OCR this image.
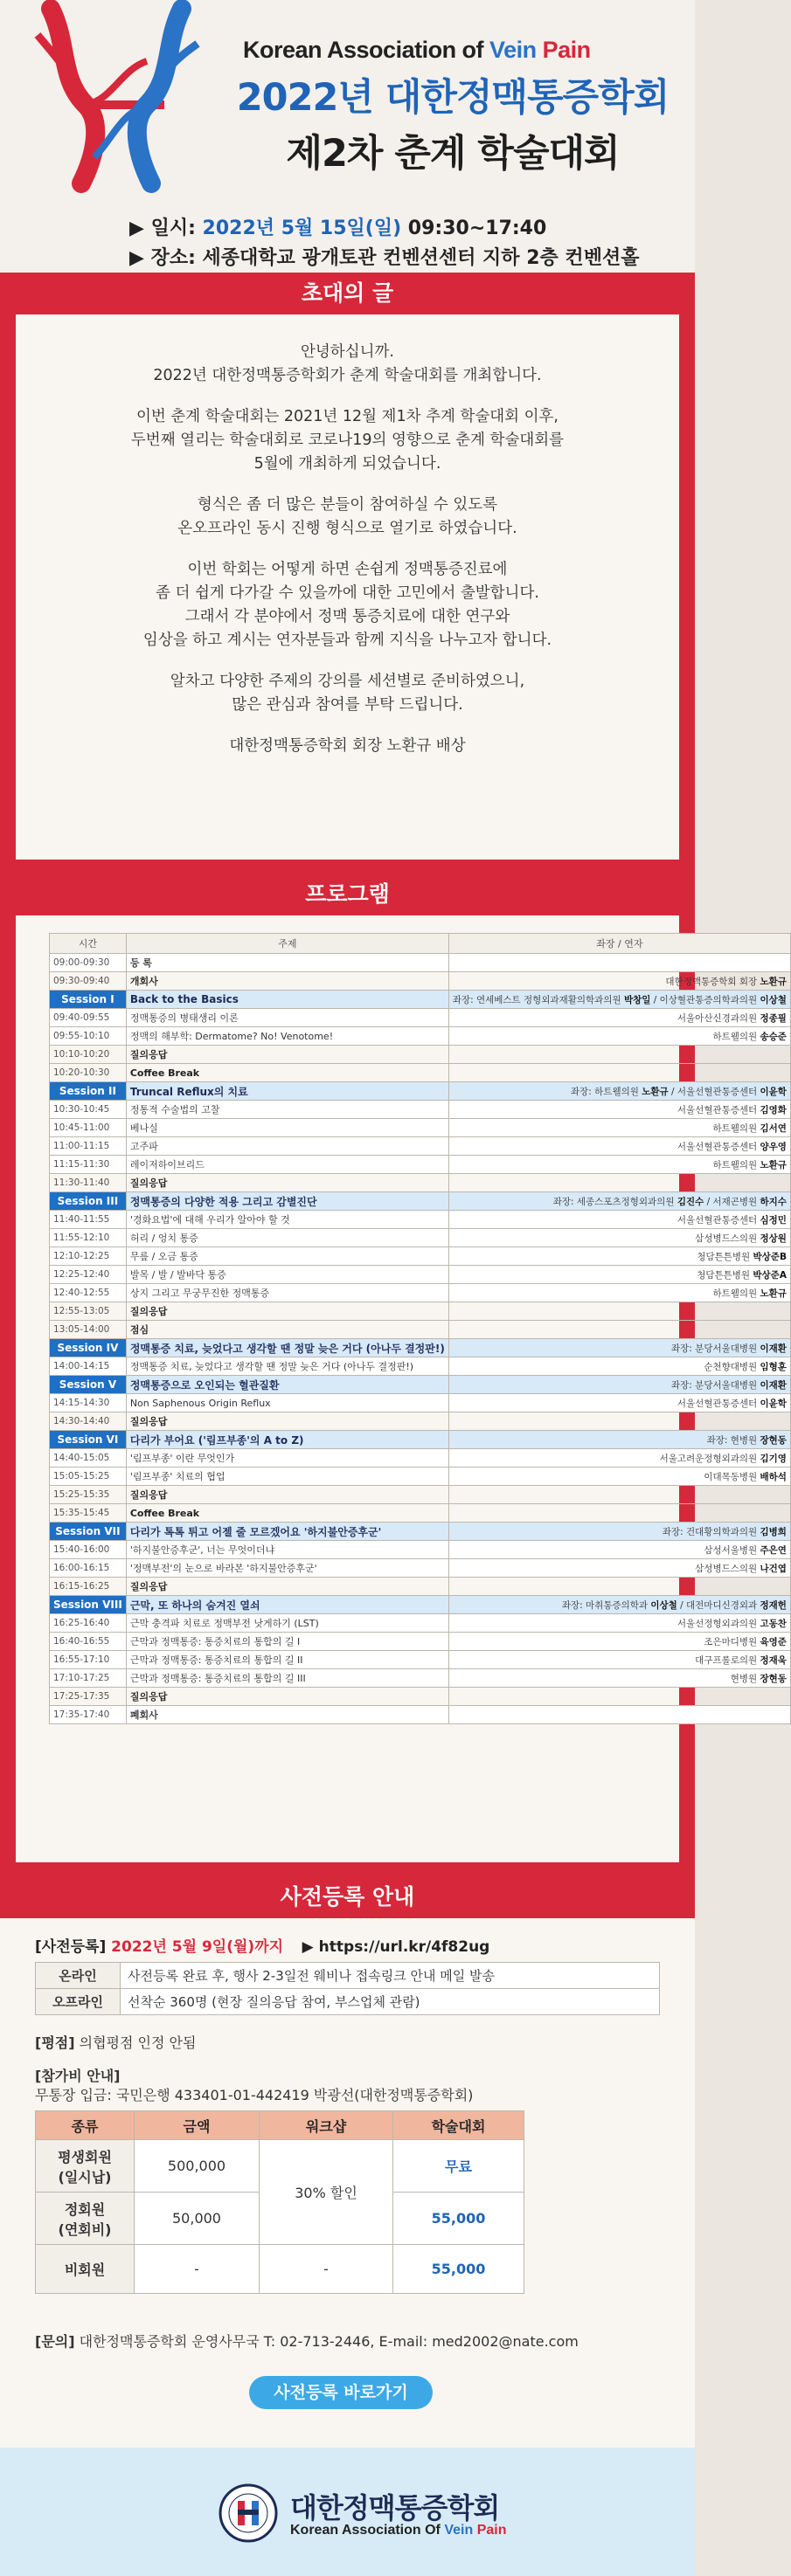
Korean Association of Vein Pain
2022년 대한정맥통증학회
제2차 춘계 학술대회
▶ 일시: 2022년 5월 15일(일) 09:30~17:40
▶ 장소: 세종대학교 광개토관 컨벤션센터 지하 2층 컨벤션홀
초대의 글

안녕하십니까.
2022년 대한정맥통증학회가 춘계 학술대회를 개최합니다.

이번 춘계 학술대회는 2021년 12월 제1차 추계 학술대회 이후,
두번째 열리는 학술대회로 코로나19의 영향으로 춘계 학술대회를
5월에 개최하게 되었습니다.

형식은 좀 더 많은 분들이 참여하실 수 있도록
온오프라인 동시 진행 형식으로 열기로 하였습니다.

이번 학회는 어떻게 하면 손쉽게 정맥통증진료에
좀 더 쉽게 다가갈 수 있을까에 대한 고민에서 출발합니다.
그래서 각 분야에서 정맥 통증치료에 대한 연구와
임상을 하고 계시는 연자분들과 함께 지식을 나누고자 합니다.

알차고 다양한 주제의 강의를 세션별로 준비하였으니,
많은 관심과 참여를 부탁 드립니다.

대한정맥통증학회 회장 노환규 배상

프로그램
시간	주제	좌장 / 연자
09:00-09:30	등 록	
09:30-09:40	개회사	대한정맥통증학회 회장 노환규
Session I	Back to the Basics	좌장: 연세베스트 정형외과재활의학과의원 박창일 / 이상혈관통증의학과의원 이상철
09:40-09:55	정맥통증의 병태생리 이론	서울아산신경과의원 정종필
09:55-10:10	정맥의 해부학: Dermatome? No! Venotome!	하트웰의원 송승준
10:10-10:20	질의응답	
10:20-10:30	Coffee Break	
Session II	Truncal Reflux의 치료	좌장: 하트웰의원 노환규 / 서울선혈관통증센터 이윤학
10:30-10:45	정통적 수술법의 고찰	서울선혈관통증센터 김영화
10:45-11:00	베나실	하트웰의원 김서연
11:00-11:15	고주파	서울선혈관통증센터 양우영
11:15-11:30	레이저하이브리드	하트웰의원 노환규
11:30-11:40	질의응답	
Session III	정맥통증의 다양한 적용 그리고 감별진단	좌장: 세종스포츠정형외과의원 김진수 / 서재곤병원 하지수
11:40-11:55	'경화요법'에 대해 우리가 알아야 할 것	서울선혈관통증센터 심정민
11:55-12:10	허리 / 엉치 통증	삼성병드스의원 정상원
12:10-12:25	무릎 / 오금 통증	청담튼튼병원 박상준B
12:25-12:40	발목 / 발 / 발바닥 통증	청담튼튼병원 박상준A
12:40-12:55	상지 그리고 무궁무진한 정맥통증	하트웰의원 노환규
12:55-13:05	질의응답	
13:05-14:00	점심	
Session IV	정맥통증 치료, 늦었다고 생각할 땐 정말 늦은 거다 (아나두 결정판!)	좌장: 분당서울대병원 이재환
14:00-14:15	정맥통증 치료, 늦었다고 생각할 땐 정말 늦은 거다 (아나두 결정판!)	순천향대병원 임형훈
Session V	정맥통증으로 오인되는 혈관질환	좌장: 분당서울대병원 이재환
14:15-14:30	Non Saphenous Origin Reflux	서울선혈관통증센터 이윤학
14:30-14:40	질의응답	
Session VI	다리가 부어요 ('림프부종'의 A to Z)	좌장: 현병원 장현동
14:40-15:05	'림프부종' 이란 무엇인가	서울고려운정형외과의원 김기영
15:05-15:25	'림프부종' 치료의 협업	이대목동병원 배하석
15:25-15:35	질의응답	
15:35-15:45	Coffee Break	
Session VII	다리가 톡톡 튀고 어젤 줄 모르겠어요 '하지불안증후군'	좌장: 건대황의학과의원 김병희
15:40-16:00	'하지불안증후군', 너는 무엇이더냐	삼성서울병원 주은연
16:00-16:15	'정맥부전'의 눈으로 바라본 '하지불안증후군'	삼성병드스의원 나건엽
16:15-16:25	질의응답	
Session VIII	근막, 또 하나의 숨겨진 열쇠	좌장: 마취통증의학과 이상철 / 대전마디신경외과 정재헌
16:25-16:40	근막 충격파 치료로 정맥부전 낫게하기 (LST)	서울선정형외과의원 고동찬
16:40-16:55	근막과 정맥통증: 통증치료의 통합의 길 I	조은마디병원 육영준
16:55-17:10	근막과 정맥통증: 통증치료의 통합의 길 II	대구프롤로의원 정재욱
17:10-17:25	근막과 정맥통증: 통증치료의 통합의 길 III	현병원 장현동
17:25-17:35	질의응답	
17:35-17:40	폐회사	
사전등록 안내
[사전등록] 2022년 5월 9일(월)까지 ▶ https://url.kr/4f82ug
온라인	사전등록 완료 후, 행사 2-3일전 웨비나 접속링크 안내 메일 발송
오프라인	선착순 360명 (현장 질의응답 참여, 부스업체 관람)
[평점] 의협평점 인정 안됨
[참가비 안내]
무통장 입금: 국민은행 433401-01-442419 박광선(대한정맥통증학회)
종류	금액	워크샵	학술대회
평생회원
(일시납)	500,000	30% 할인	무료
정회원
(연회비)	50,000		55,000
비회원	-	-	55,000
[문의] 대한정맥통증학회 운영사무국 T: 02-713-2446, E-mail: med2002@nate.com
사전등록 바로가기
대한정맥통증학회
Korean Association Of Vein Pain
